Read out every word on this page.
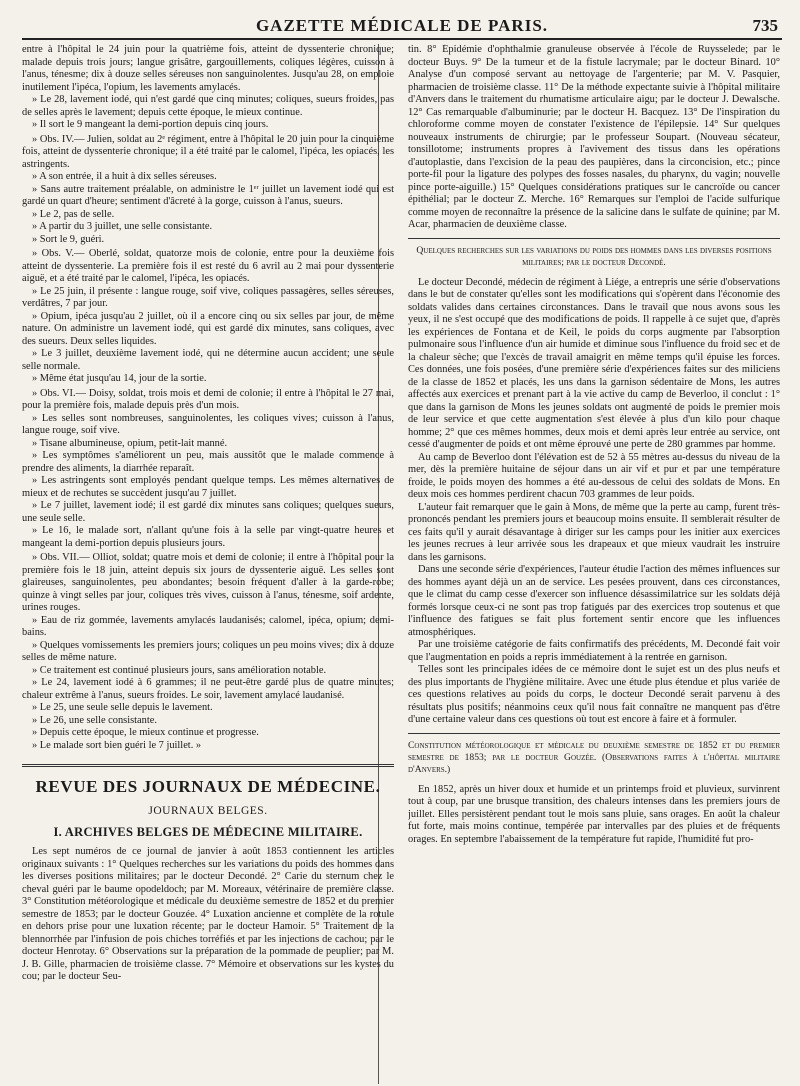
GAZETTE MÉDICALE DE PARIS.	735

entre à l'hôpital le 24 juin pour la quatrième fois, atteint de dyssenterie chronique; malade depuis trois jours; langue grisâtre, gargouillements, coliques légères, cuisson à l'anus, ténesme; dix à douze selles séreuses non sanguinolentes. Jusqu'au 28, on emploie inutilement l'ipéca, l'opium, les lavements amylacés.

» Le 28, lavement iodé, qui n'est gardé que cinq minutes; coliques, sueurs froides, pas de selles après le lavement; depuis cette époque, le mieux continue.

» Il sort le 9 mangeant la demi-portion depuis cinq jours.

» Obs. IV.— Julien, soldat au 2ᵉ régiment, entre à l'hôpital le 20 juin pour la cinquième fois, atteint de dyssenterie chronique; il a été traité par le calomel, l'ipéca, les opiacés, les astringents.

» A son entrée, il a huit à dix selles séreuses.

» Sans autre traitement préalable, on administre le 1ᵉʳ juillet un lavement iodé qui est gardé un quart d'heure; sentiment d'âcreté à la gorge, cuisson à l'anus, sueurs.

» Le 2, pas de selle.

» A partir du 3 juillet, une selle consistante.

» Sort le 9, guéri.

» Obs. V.— Oberlé, soldat, quatorze mois de colonie, entre pour la deuxième fois atteint de dyssenterie. La première fois il est resté du 6 avril au 2 mai pour dyssenterie aiguë, et a été traité par le calomel, l'ipéca, les opiacés.

» Le 25 juin, il présente : langue rouge, soif vive, coliques passagères, selles séreuses, verdâtres, 7 par jour.

» Opium, ipéca jusqu'au 2 juillet, où il a encore cinq ou six selles par jour, de même nature. On administre un lavement iodé, qui est gardé dix minutes, sans coliques, avec des sueurs. Deux selles liquides.

» Le 3 juillet, deuxième lavement iodé, qui ne détermine aucun accident; une seule selle normale.

» Même état jusqu'au 14, jour de la sortie.

» Obs. VI.— Doisy, soldat, trois mois et demi de colonie; il entre à l'hôpital le 27 mai, pour la première fois, malade depuis près d'un mois.

» Les selles sont nombreuses, sanguinolentes, les coliques vives; cuisson à l'anus, langue rouge, soif vive.

» Tisane albumineuse, opium, petit-lait manné.

» Les symptômes s'améliorent un peu, mais aussitôt que le malade commence à prendre des aliments, la diarrhée reparaît.

» Les astringents sont employés pendant quelque temps. Les mêmes alternatives de mieux et de rechutes se succèdent jusqu'au 7 juillet.

» Le 7 juillet, lavement iodé; il est gardé dix minutes sans coliques; quelques sueurs, une seule selle.

» Le 16, le malade sort, n'allant qu'une fois à la selle par vingt-quatre heures et mangeant la demi-portion depuis plusieurs jours.

» Obs. VII.— Olliot, soldat; quatre mois et demi de colonie; il entre à l'hôpital pour la première fois le 18 juin, atteint depuis six jours de dyssenterie aiguë. Les selles sont glaireuses, sanguinolentes, peu abondantes; besoin fréquent d'aller à la garde-robe; quinze à vingt selles par jour, coliques très vives, cuisson à l'anus, ténesme, soif ardente, urines rouges.

» Eau de riz gommée, lavements amylacés laudanisés; calomel, ipéca, opium; demi-bains.

» Quelques vomissements les premiers jours; coliques un peu moins vives; dix à douze selles de même nature.

» Ce traitement est continué plusieurs jours, sans amélioration notable.

» Le 24, lavement iodé à 6 grammes; il ne peut-être gardé plus de quatre minutes; chaleur extrême à l'anus, sueurs froides. Le soir, lavement amylacé laudanisé.

» Le 25, une seule selle depuis le lavement.

» Le 26, une selle consistante.

» Depuis cette époque, le mieux continue et progresse.

» Le malade sort bien guéri le 7 juillet. »

REVUE DES JOURNAUX DE MÉDECINE.
JOURNAUX BELGES.
I. ARCHIVES BELGES DE MÉDECINE MILITAIRE.

Les sept numéros de ce journal de janvier à août 1853 contiennent les articles originaux suivants : 1° Quelques recherches sur les variations du poids des hommes dans les diverses positions militaires; par le docteur Decondé. 2° Carie du sternum chez le cheval guéri par le baume opodeldoch; par M. Moreaux, vétérinaire de première classe. 3° Constitution météorologique et médicale du deuxième semestre de 1852 et du premier semestre de 1853; par le docteur Gouzée. 4° Luxation ancienne et complète de la rotule en dehors prise pour une luxation récente; par le docteur Hamoir. 5° Traitement de la blennorrhée par l'infusion de pois chiches torréfiés et par les injections de cachou; par le docteur Henrotay. 6° Observations sur la préparation de la pommade de peuplier; par M. J. B. Gille, pharmacien de troisième classe. 7° Mémoire et observations sur les kystes du cou; par le docteur Seu-

tin. 8° Épidémie d'ophthalmie granuleuse observée à l'école de Ruysselede; par le docteur Buys. 9° De la tumeur et de la fistule lacrymale; par le docteur Binard. 10° Analyse d'un composé servant au nettoyage de l'argenterie; par M. V. Pasquier, pharmacien de troisième classe. 11° De la méthode expectante suivie à l'hôpital militaire d'Anvers dans le traitement du rhumatisme articulaire aigu; par le docteur J. Dewalsche. 12° Cas remarquable d'albuminurie; par le docteur H. Bacquez. 13° De l'inspiration du chloroforme comme moyen de constater l'existence de l'épilepsie. 14° Sur quelques nouveaux instruments de chirurgie; par le professeur Soupart. (Nouveau sécateur, tonsillotome; instruments propres à l'avivement des tissus dans les opérations d'autoplastie, dans l'excision de la peau des paupières, dans la circoncision, etc.; pince porte-fil pour la ligature des polypes des fosses nasales, du pharynx, du vagin; nouvelle pince porte-aiguille.) 15° Quelques considérations pratiques sur le cancroïde ou cancer épithélial; par le docteur Z. Merche. 16° Remarques sur l'emploi de l'acide sulfurique comme moyen de reconnaître la présence de la salicine dans le sulfate de quinine; par M. Acar, pharmacien de deuxième classe.

Quelques recherches sur les variations du poids des hommes dans les diverses positions militaires; par le docteur Decondé.

Le docteur Decondé, médecin de régiment à Liége, a entrepris une série d'observations dans le but de constater qu'elles sont les modifications qui s'opèrent dans l'économie des soldats valides dans certaines circonstances. Dans le travail que nous avons sous les yeux, il ne s'est occupé que des modifications de poids. Il rappelle à ce sujet que, d'après les expériences de Fontana et de Keil, le poids du corps augmente par l'absorption pulmonaire sous l'influence d'un air humide et diminue sous l'influence du froid sec et de la chaleur sèche; que l'excès de travail amaigrit en même temps qu'il épuise les forces. Ces données, une fois posées, d'une première série d'expériences faites sur des miliciens de la classe de 1852 et placés, les uns dans la garnison sédentaire de Mons, les autres affectés aux exercices et prenant part à la vie active du camp de Beverloo, il conclut : 1° que dans la garnison de Mons les jeunes soldats ont augmenté de poids le premier mois de leur service et que cette augmentation s'est élevée à plus d'un kilo pour chaque homme; 2° que ces mêmes hommes, deux mois et demi après leur entrée au service, ont cessé d'augmenter de poids et ont même éprouvé une perte de 280 grammes par homme.

Au camp de Beverloo dont l'élévation est de 52 à 55 mètres au-dessus du niveau de la mer, dès la première huitaine de séjour dans un air vif et pur et par une température froide, le poids moyen des hommes a été au-dessous de celui des soldats de Mons. En deux mois ces hommes perdirent chacun 703 grammes de leur poids.

L'auteur fait remarquer que le gain à Mons, de même que la perte au camp, furent très-prononcés pendant les premiers jours et beaucoup moins ensuite. Il semblerait résulter de ces faits qu'il y aurait désavantage à diriger sur les camps pour les initier aux exercices les jeunes recrues à leur arrivée sous les drapeaux et que mieux vaudrait les instruire dans les garnisons.

Dans une seconde série d'expériences, l'auteur étudie l'action des mêmes influences sur des hommes ayant déjà un an de service. Les pesées prouvent, dans ces circonstances, que le climat du camp cesse d'exercer son influence désassimilatrice sur les soldats déjà formés lorsque ceux-ci ne sont pas trop fatigués par des exercices trop soutenus et que l'influence des fatigues se fait plus fortement sentir encore que les influences atmosphériques.

Par une troisième catégorie de faits confirmatifs des précédents, M. Decondé fait voir que l'augmentation en poids a repris immédiatement à la rentrée en garnison.

Telles sont les principales idées de ce mémoire dont le sujet est un des plus neufs et des plus importants de l'hygiène militaire. Avec une étude plus étendue et plus variée de ces questions relatives au poids du corps, le docteur Decondé serait parvenu à des résultats plus positifs; néanmoins ceux qu'il nous fait connaître ne manquent pas d'être d'une certaine valeur dans ces questions où tout est encore à faire et à formuler.

Constitution météorologique et médicale du deuxième semestre de 1852 et du premier semestre de 1853; par le docteur Gouzée. (Observations faites à l'hôpital militaire d'Anvers.)

En 1852, après un hiver doux et humide et un printemps froid et pluvieux, survinrent tout à coup, par une brusque transition, des chaleurs intenses dans les premiers jours de juillet. Elles persistèrent pendant tout le mois sans pluie, sans orages. En août la chaleur fut forte, mais moins continue, tempérée par intervalles par des pluies et de fréquents orages. En septembre l'abaissement de la température fut rapide, l'humidité fut pro-
